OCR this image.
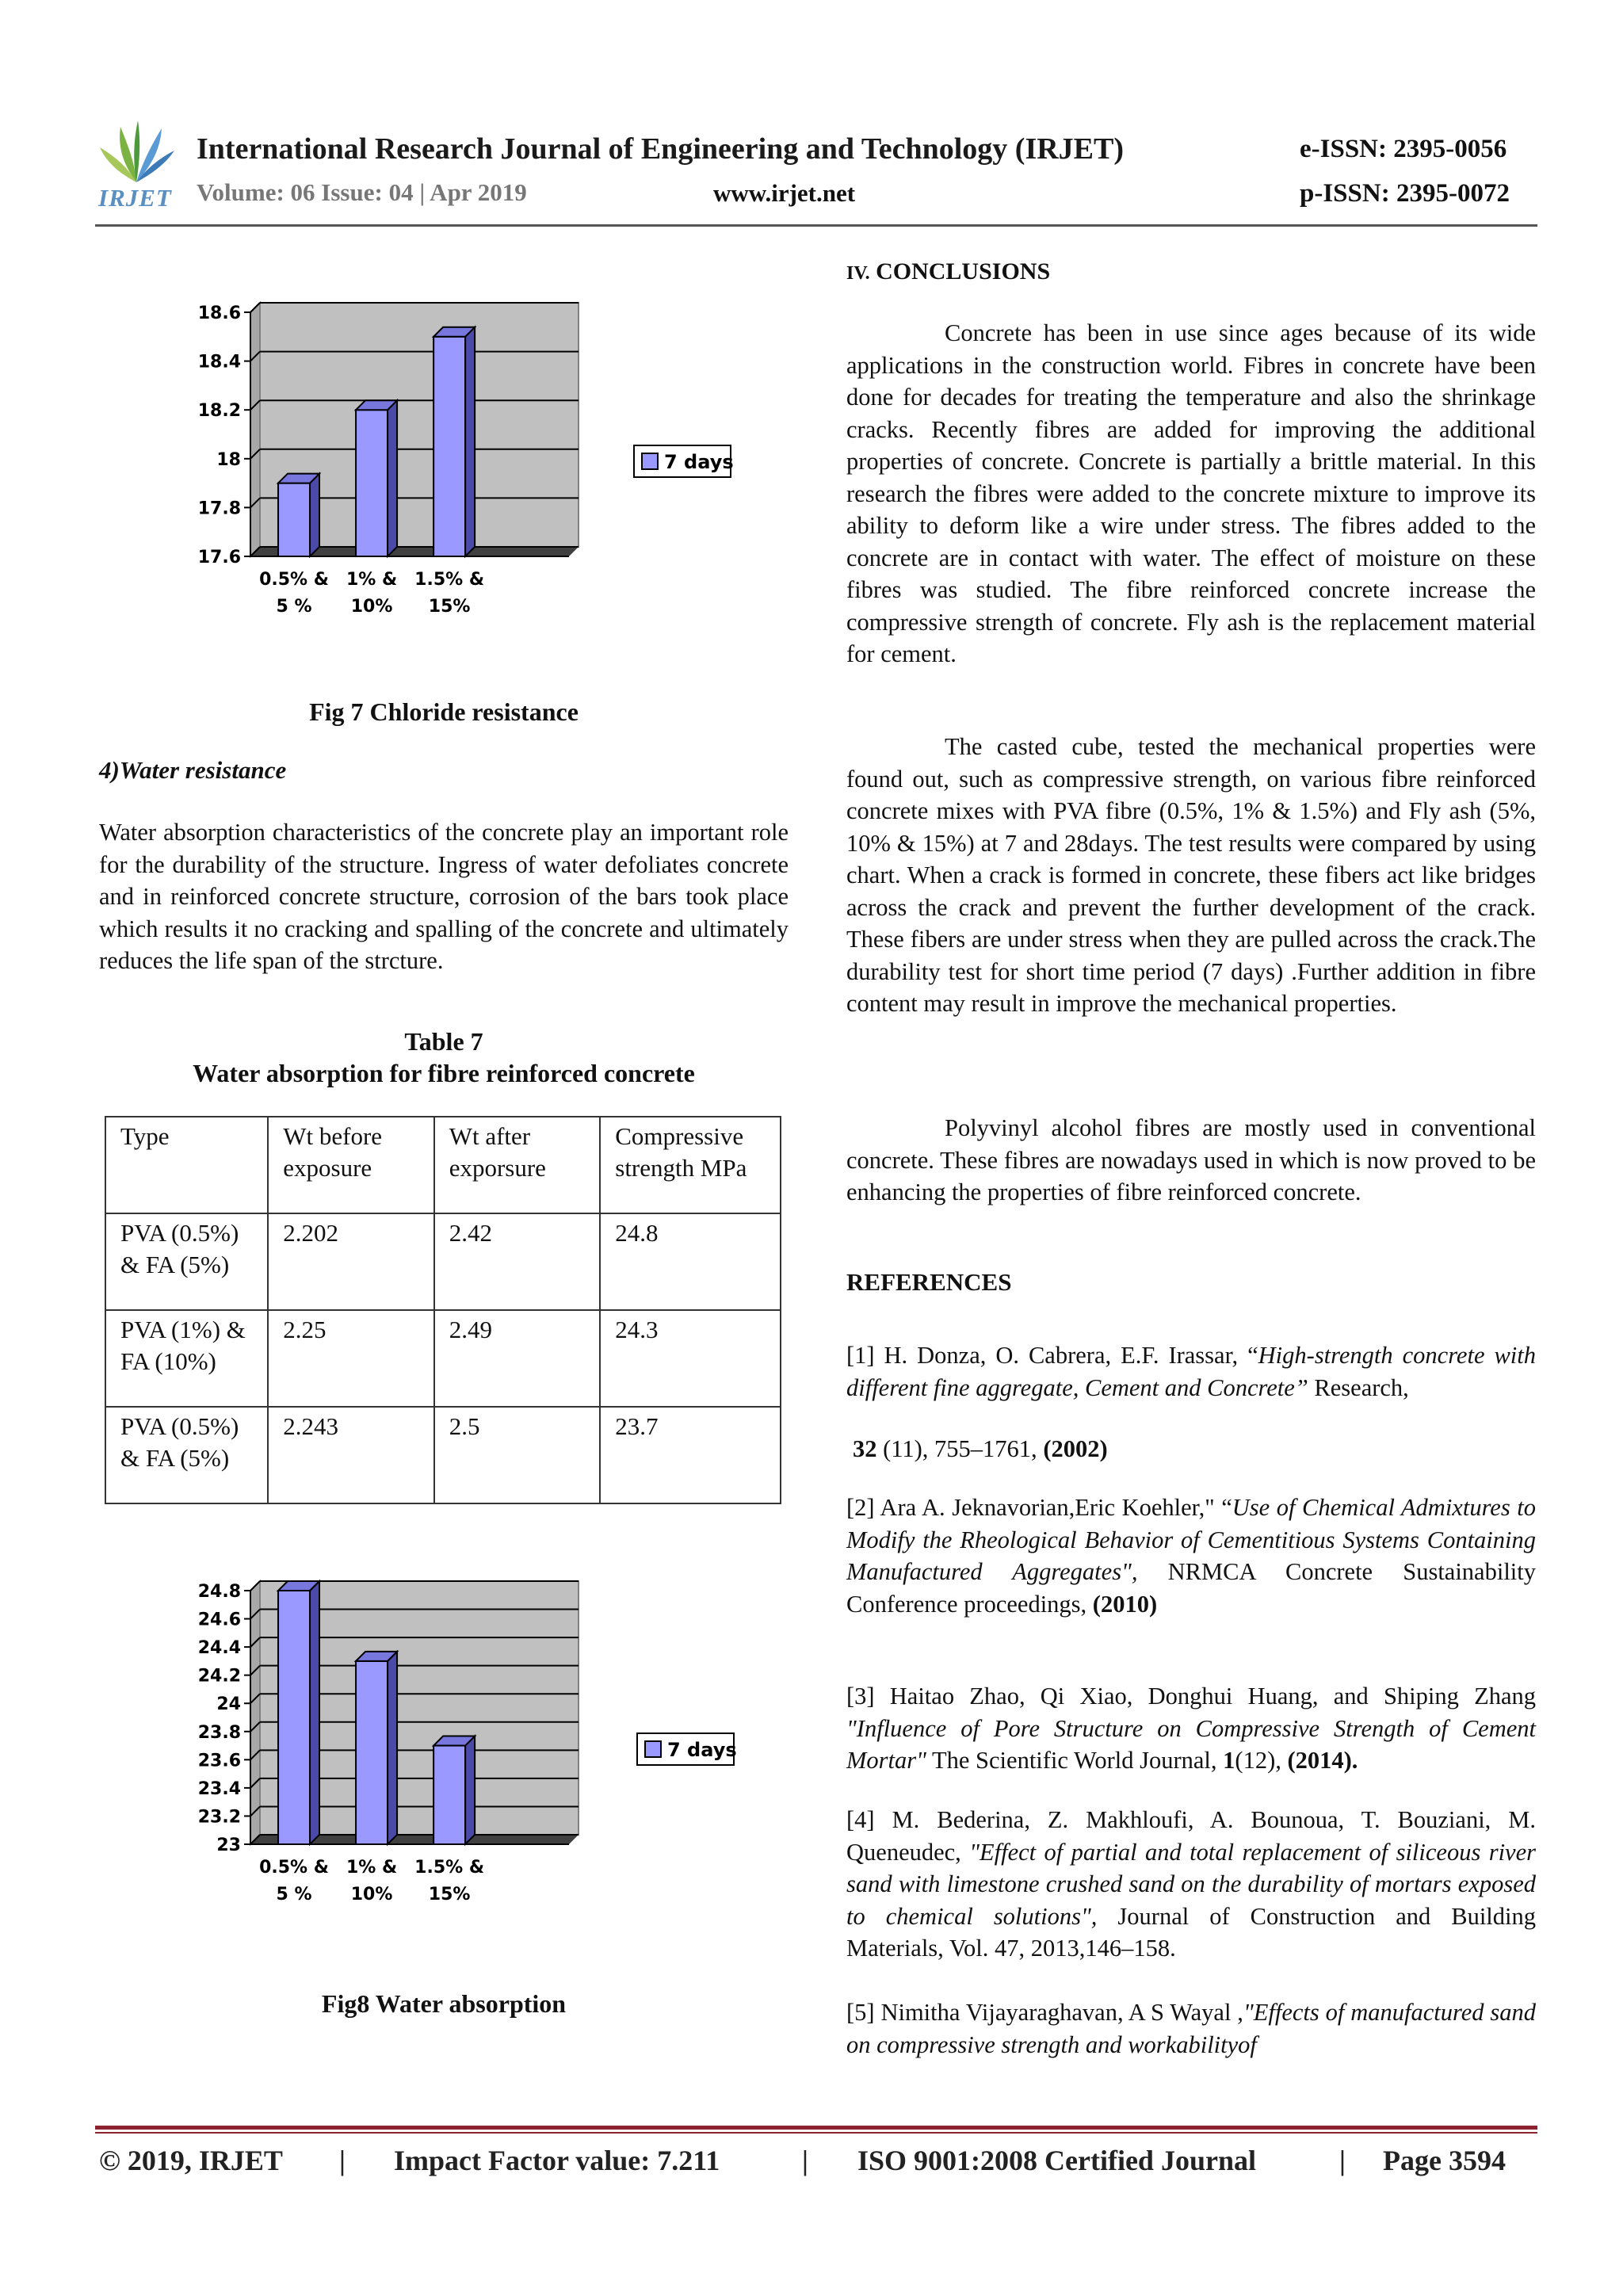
IRJET
International Research Journal of Engineering and Technology (IRJET)	e-ISSN: 2395-0056
Volume: 06 Issue: 04 | Apr 2019	www.irjet.net	p-ISSN: 2395-0072
17.6
17.8
18
18.2
18.4
18.6
0.5% &
5 %
1% &
10%
1.5% &
15%
7 days
Fig 7 Chloride resistance
4)Water resistance

Water absorption characteristics of the concrete play an important role for the durability of the structure. Ingress of water defoliates concrete and in reinforced concrete structure, corrosion of the bars took place which results it no cracking and spalling of the concrete and ultimately reduces the life span of the strcture.

Table 7
Water absorption for fibre reinforced concrete
Type	Wt before exposure	Wt after exporsure	Compressive strength MPa
PVA (0.5%) & FA (5%)	2.202	2.42	24.8
PVA (1%) & FA (10%)	2.25	2.49	24.3
PVA (0.5%) & FA (5%)	2.243	2.5	23.7
23
23.2
23.4
23.6
23.8
24
24.2
24.4
24.6
24.8
0.5% &
5 %
1% &
10%
1.5% &
15%
7 days
Fig8 Water absorption
IV. CONCLUSIONS

Concrete has been in use since ages because of its wide applications in the construction world. Fibres in concrete have been done for decades for treating the temperature and also the shrinkage cracks. Recently fibres are added for improving the additional properties of concrete. Concrete is partially a brittle material. In this research the fibres were added to the concrete mixture to improve its ability to deform like a wire under stress. The fibres added to the concrete are in contact with water. The effect of moisture on these fibres was studied. The fibre reinforced concrete increase the compressive strength of concrete. Fly ash is the replacement material for cement.

The casted cube, tested the mechanical properties were found out, such as compressive strength, on various fibre reinforced concrete mixes with PVA fibre (0.5%, 1% & 1.5%) and Fly ash (5%, 10% & 15%) at 7 and 28days. The test results were compared by using chart. When a crack is formed in concrete, these fibers act like bridges across the crack and prevent the further development of the crack. These fibers are under stress when they are pulled across the crack.The durability test for short time period (7 days) .Further addition in fibre content may result in improve the mechanical properties.

Polyvinyl alcohol fibres are mostly used in conventional concrete. These fibres are nowadays used in which is now proved to be enhancing the properties of fibre reinforced concrete.

REFERENCES

[1] H. Donza, O. Cabrera, E.F. Irassar, “High-strength concrete with different fine aggregate, Cement and Concrete” Research,

32 (11), 755–1761, (2002)

[2] Ara A. Jeknavorian,Eric Koehler," “Use of Chemical Admixtures to Modify the Rheological Behavior of Cementitious Systems Containing Manufactured Aggregates", NRMCA Concrete Sustainability Conference proceedings, (2010)

[3] Haitao Zhao, Qi Xiao, Donghui Huang, and Shiping Zhang "Influence of Pore Structure on Compressive Strength of Cement Mortar" The Scientific World Journal, 1(12), (2014).

[4] M. Bederina, Z. Makhloufi, A. Bounoua, T. Bouziani, M. Queneudec, "Effect of partial and total replacement of siliceous river sand with limestone crushed sand on the durability of mortars exposed to chemical solutions", Journal of Construction and Building Materials, Vol. 47, 2013,146–158.

[5] Nimitha Vijayaraghavan, A S Wayal ,"Effects of manufactured sand on compressive strength and workabilityof

© 2019, IRJET | Impact Factor value: 7.211	| ISO 9001:2008 Certified Journal	| Page 3594
